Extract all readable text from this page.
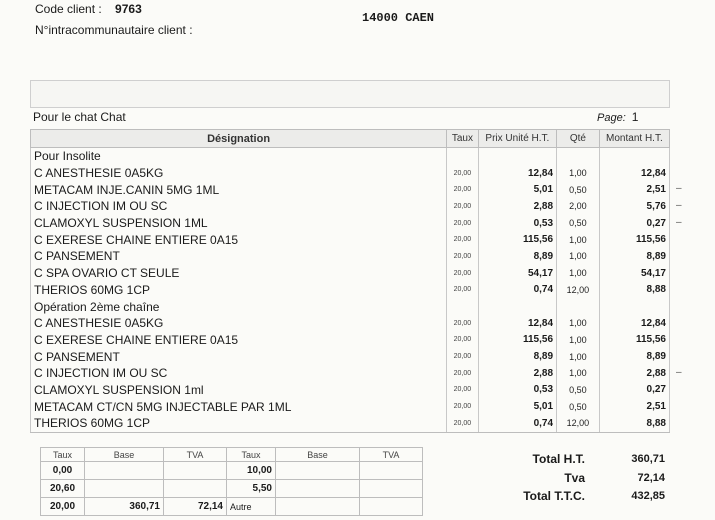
Code client : 9763
N°intracommunautaire client :
14000 CAEN
Pour le chat Chat	Page: 1
Désignation	Taux	Prix Unité H.T.	Qté	Montant H.T.
Pour Insolite				
C ANESTHESIE 0A5KG	20,00	12,84	1,00	12,84
METACAM INJE.CANIN 5MG 1ML	20,00	5,01	0,50	2,51
C INJECTION IM OU SC	20,00	2,88	2,00	5,76
CLAMOXYL SUSPENSION 1ML	20,00	0,53	0,50	0,27
C EXERESE CHAINE ENTIERE 0A15	20,00	115,56	1,00	115,56
C PANSEMENT	20,00	8,89	1,00	8,89
C SPA OVARIO CT SEULE	20,00	54,17	1,00	54,17
THERIOS 60MG 1CP	20,00	0,74	12,00	8,88
Opération 2ème chaîne				
C ANESTHESIE 0A5KG	20,00	12,84	1,00	12,84
C EXERESE CHAINE ENTIERE 0A15	20,00	115,56	1,00	115,56
C PANSEMENT	20,00	8,89	1,00	8,89
C INJECTION IM OU SC	20,00	2,88	1,00	2,88
CLAMOXYL SUSPENSION 1ml	20,00	0,53	0,50	0,27
METACAM CT/CN 5MG INJECTABLE PAR 1ML	20,00	5,01	0,50	2,51
THERIOS 60MG 1CP	20,00	0,74	12,00	8,88
–
–
–
–
Taux	Base	TVA	Taux	Base	TVA
0,00			10,00		
20,60			5,50		
20,00	360,71	72,14	Autre		
Total H.T.	360,71
Tva	72,14
Total T.T.C.	432,85
